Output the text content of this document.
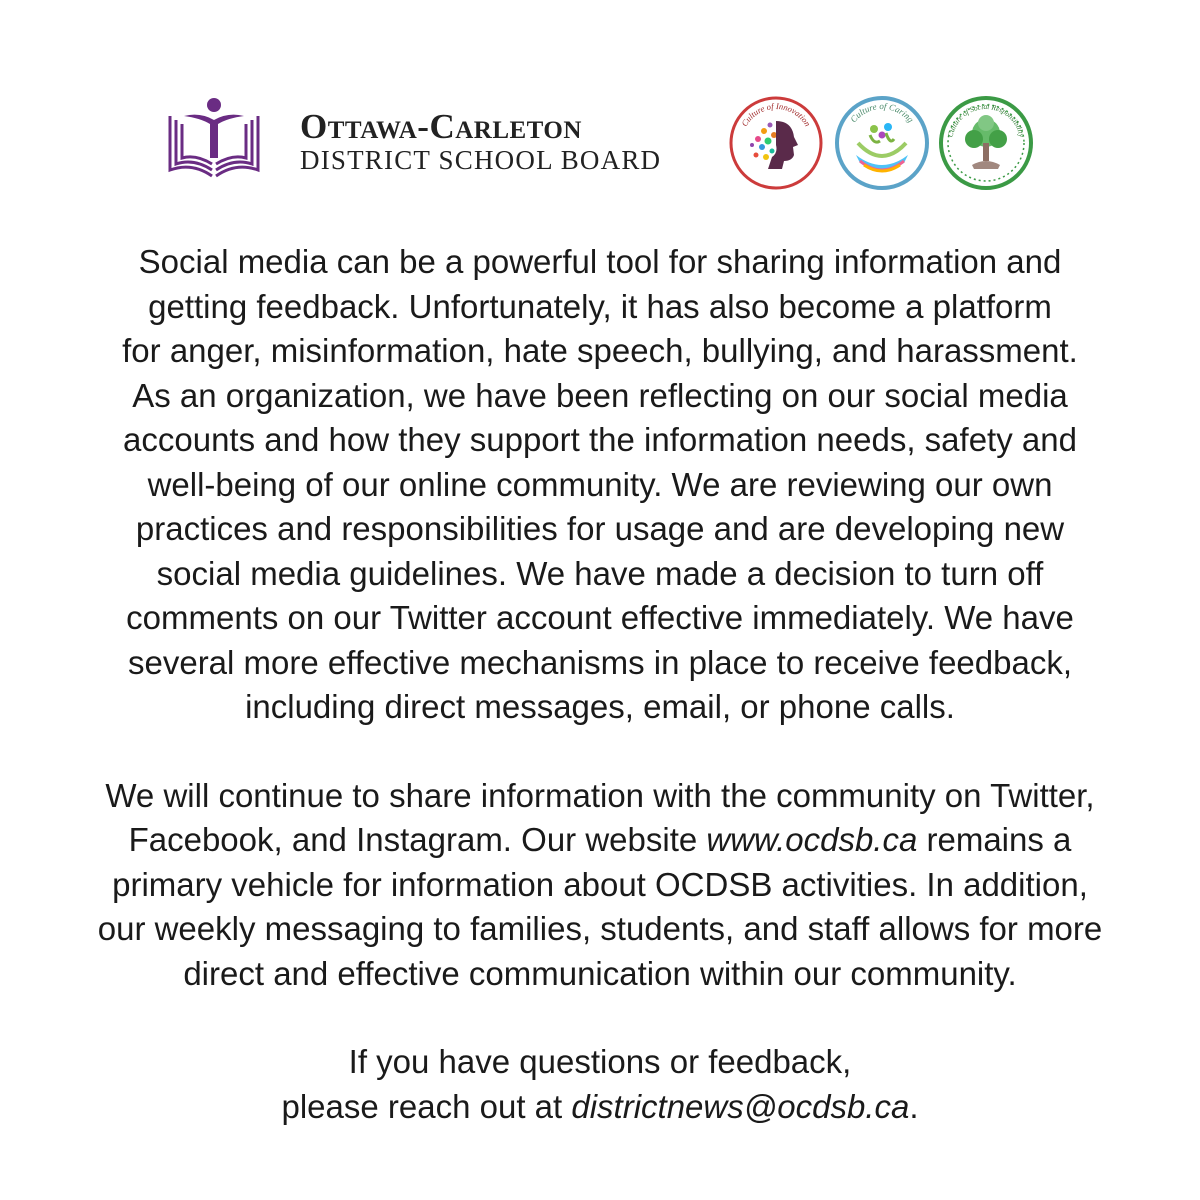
Ottawa-Carleton
DISTRICT SCHOOL BOARD
Culture of Innovation	Culture of Caring
Culture of Social Responsibility

Social media can be a powerful tool for sharing information and
getting feedback. Unfortunately, it has also become a platform
for anger, misinformation, hate speech, bullying, and harassment.
As an organization, we have been reflecting on our social media
accounts and how they support the information needs, safety and
well-being of our online community. We are reviewing our own
practices and responsibilities for usage and are developing new
social media guidelines. We have made a decision to turn off
comments on our Twitter account effective immediately. We have
several more effective mechanisms in place to receive feedback,
including direct messages, email, or phone calls.

We will continue to share information with the community on Twitter,
Facebook, and Instagram. Our website www.ocdsb.ca remains a
primary vehicle for information about OCDSB activities. In addition,
our weekly messaging to families, students, and staff allows for more
direct and effective communication within our community.

If you have questions or feedback,
please reach out at districtnews@ocdsb.ca.
